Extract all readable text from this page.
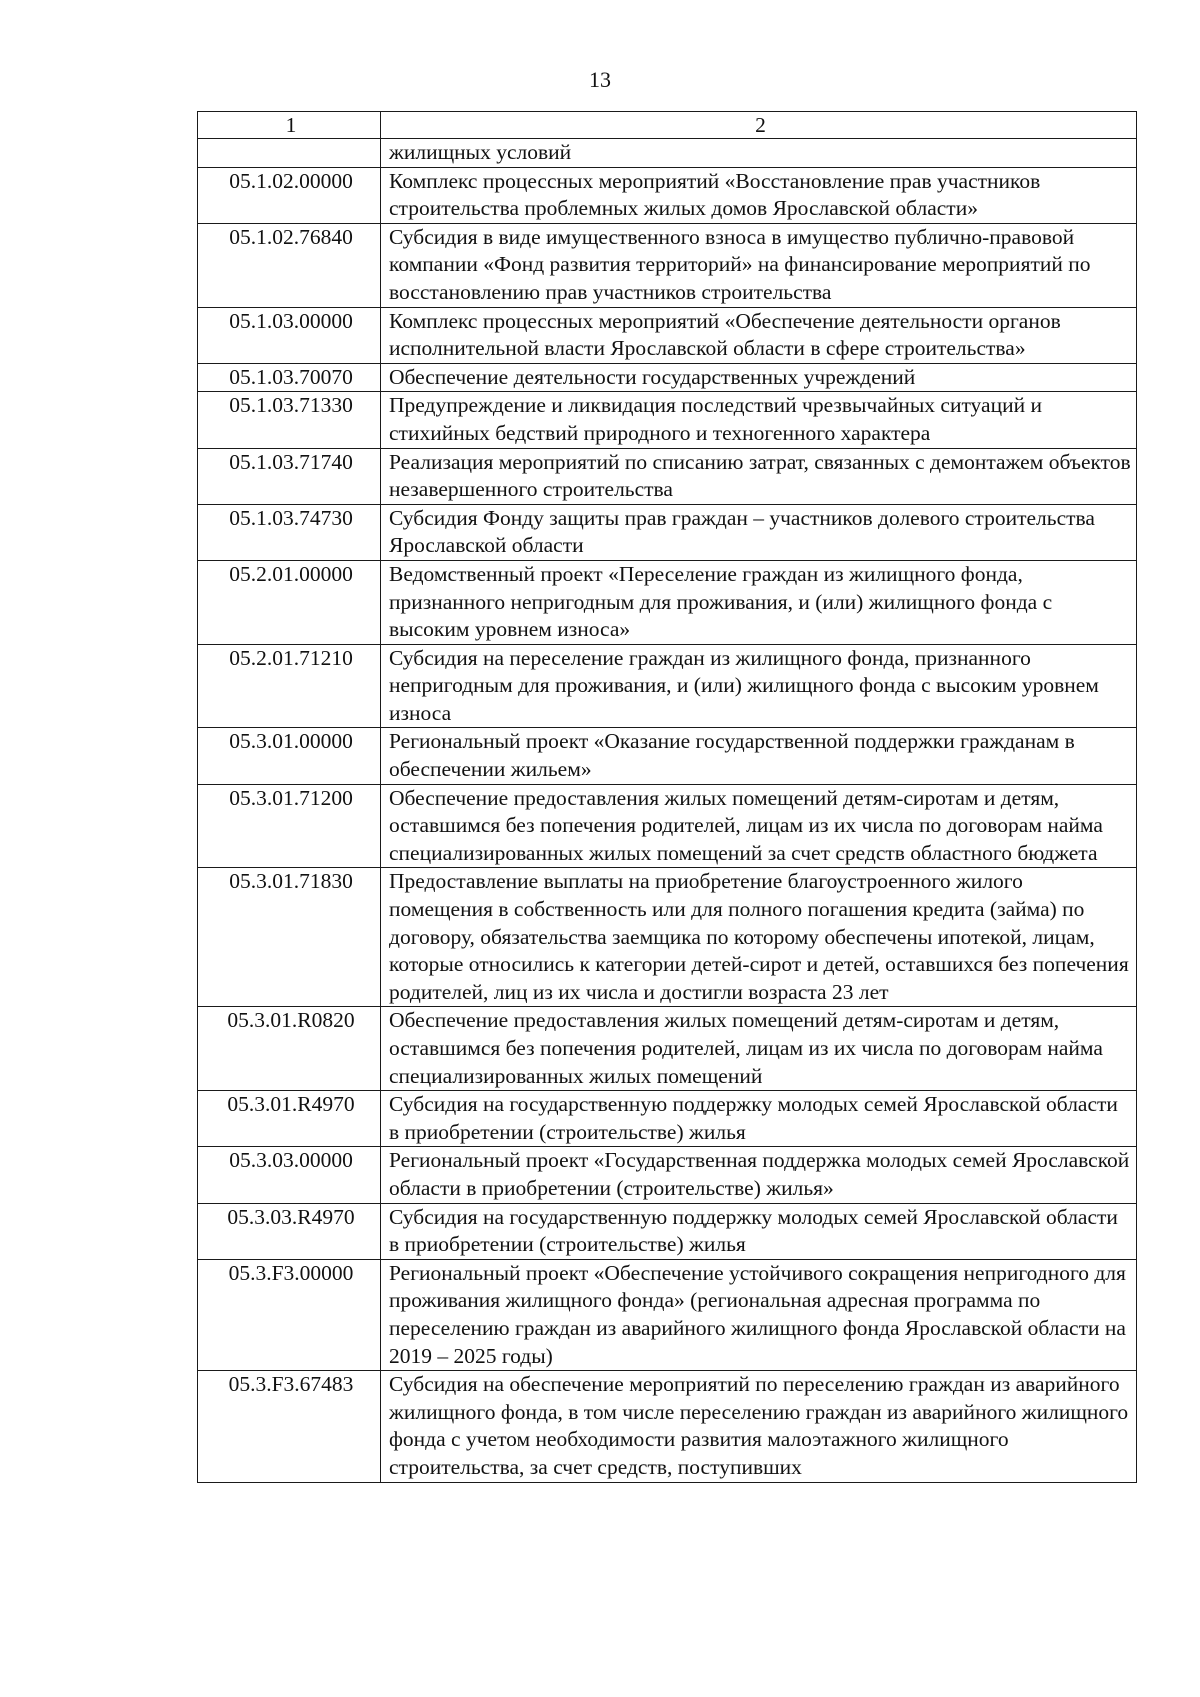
13
1	2
	жилищных условий
05.1.02.00000	Комплекс процессных мероприятий «Восстановление прав участников строительства проблемных жилых домов Ярославской области»
05.1.02.76840	Субсидия в виде имущественного взноса в имущество публично-правовой компании «Фонд развития территорий» на финансирование мероприятий по восстановлению прав участников строительства
05.1.03.00000	Комплекс процессных мероприятий «Обеспечение деятельности органов исполнительной власти Ярославской области в сфере строительства»
05.1.03.70070	Обеспечение деятельности государственных учреждений
05.1.03.71330	Предупреждение и ликвидация последствий чрезвычайных ситуаций и стихийных бедствий природного и техногенного характера
05.1.03.71740	Реализация мероприятий по списанию затрат, связанных с демонтажем объектов незавершенного строительства
05.1.03.74730	Субсидия Фонду защиты прав граждан – участников долевого строительства Ярославской области
05.2.01.00000	Ведомственный проект «Переселение граждан из жилищного фонда, признанного непригодным для проживания, и (или) жилищного фонда с высоким уровнем износа»
05.2.01.71210	Субсидия на переселение граждан из жилищного фонда, признанного непригодным для проживания, и (или) жилищного фонда с высоким уровнем износа
05.3.01.00000	Региональный проект «Оказание государственной поддержки гражданам в обеспечении жильем»
05.3.01.71200	Обеспечение предоставления жилых помещений детям-сиротам и детям, оставшимся без попечения родителей, лицам из их числа по договорам найма специализированных жилых помещений за счет средств областного бюджета
05.3.01.71830	Предоставление выплаты на приобретение благоустроенного жилого помещения в собственность или для полного погашения кредита (займа) по договору, обязательства заемщика по которому обеспечены ипотекой, лицам, которые относились к категории детей-сирот и детей, оставшихся без попечения родителей, лиц из их числа и достигли возраста 23 лет
05.3.01.R0820	Обеспечение предоставления жилых помещений детям-сиротам и детям, оставшимся без попечения родителей, лицам из их числа по договорам найма специализированных жилых помещений
05.3.01.R4970	Субсидия на государственную поддержку молодых семей Ярославской области в приобретении (строительстве) жилья
05.3.03.00000	Региональный проект «Государственная поддержка молодых семей Ярославской области в приобретении (строительстве) жилья»
05.3.03.R4970	Субсидия на государственную поддержку молодых семей Ярославской области в приобретении (строительстве) жилья
05.3.F3.00000	Региональный проект «Обеспечение устойчивого сокращения непригодного для проживания жилищного фонда» (региональная адресная программа по переселению граждан из аварийного жилищного фонда Ярославской области на 2019 – 2025 годы)
05.3.F3.67483	Субсидия на обеспечение мероприятий по переселению граждан из аварийного жилищного фонда, в том числе переселению граждан из аварийного жилищного фонда с учетом необходимости развития малоэтажного жилищного строительства, за счет средств, поступивших
